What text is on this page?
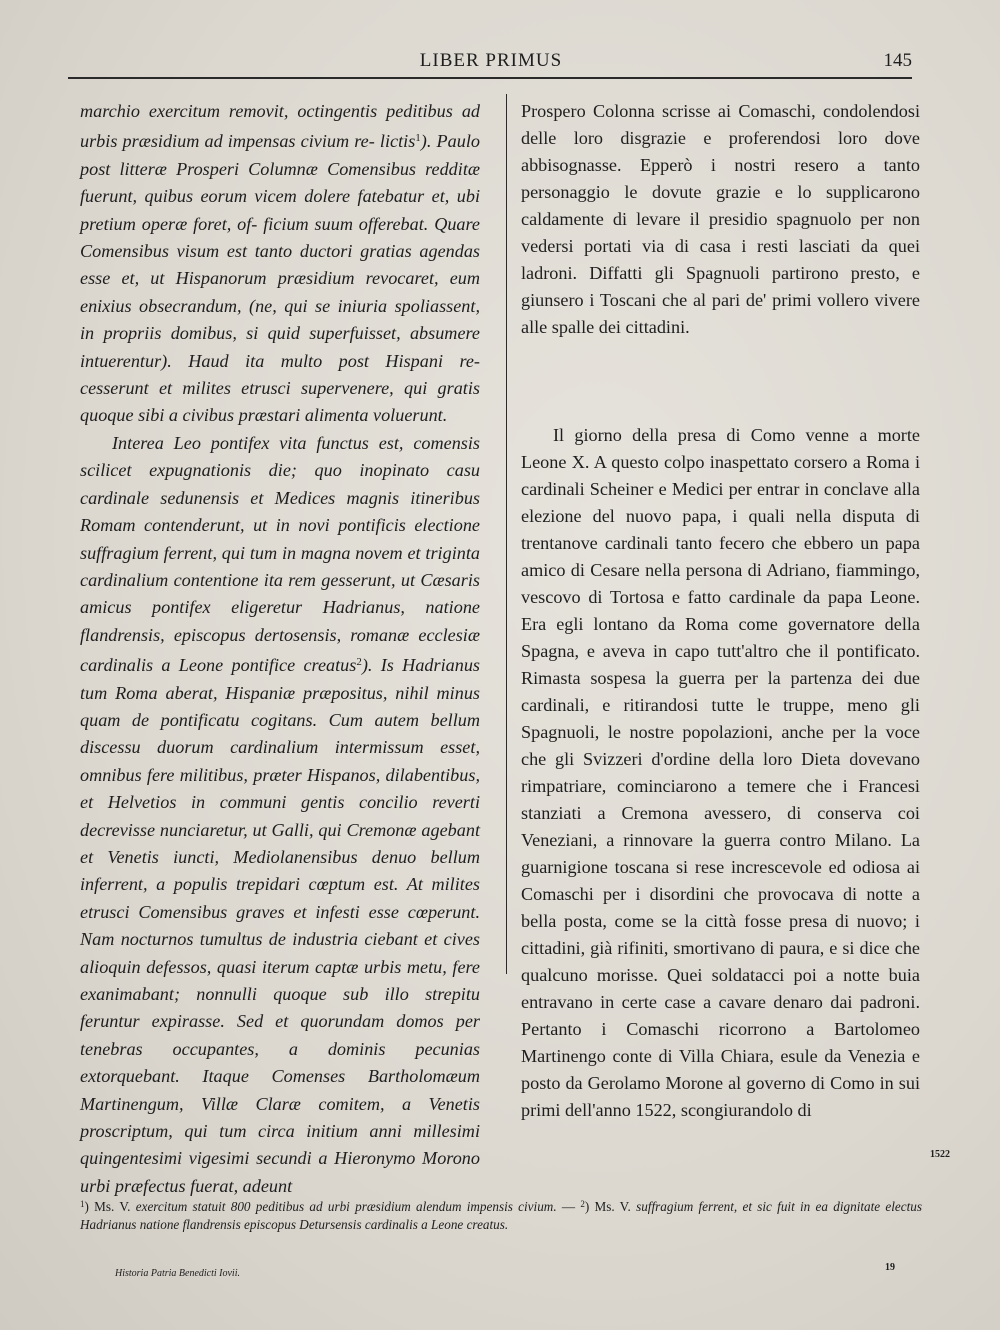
LIBER PRIMUS	145

marchio exercitum removit, octingentis peditibus ad urbis præsidium ad impensas civium re- lictis$^1$). Paulo post litteræ Prosperi Columnæ Comensibus redditæ fuerunt, quibus eorum vicem dolere fatebatur et, ubi pretium operæ foret, of- ficium suum offerebat. Quare Comensibus visum est tanto ductori gratias agendas esse et, ut Hispanorum præsidium revocaret, eum enixius obsecrandum, (ne, qui se iniuria spoliassent, in propriis domibus, si quid superfuisset, absumere intuerentur). Haud ita multo post Hispani re- cesserunt et milites etrusci supervenere, qui gratis quoque sibi a civibus præstari alimenta voluerunt.

Interea Leo pontifex vita functus est, comensis scilicet expugnationis die; quo inopinato casu cardinale sedunensis et Medices magnis itineribus Romam contenderunt, ut in novi pontificis electione suffragium ferrent, qui tum in magna novem et triginta cardinalium contentione ita rem gesserunt, ut Cæsaris amicus pontifex eligeretur Hadrianus, natione flandrensis, episcopus dertosensis, romanæ ecclesiæ cardinalis a Leone pontifice creatus$^2$). Is Hadrianus tum Roma aberat, Hispaniæ præpositus, nihil minus quam de pontificatu cogitans. Cum autem bellum discessu duorum cardinalium intermissum esset, omnibus fere militibus, præter Hispanos, dilabentibus, et Helvetios in communi gentis concilio reverti decrevisse nunciaretur, ut Galli, qui Cremonæ agebant et Venetis iuncti, Mediolanensibus denuo bellum inferrent, a populis trepidari cœptum est. At milites etrusci Comensibus graves et infesti esse cœperunt. Nam nocturnos tumultus de industria ciebant et cives alioquin defessos, quasi iterum captæ urbis metu, fere exanimabant; nonnulli quoque sub illo strepitu feruntur expirasse. Sed et quorundam domos per tenebras occupantes, a dominis pecunias extorquebant. Itaque Comenses Bartholomæum Martinengum, Villæ Claræ comitem, a Venetis proscriptum, qui tum circa initium anni millesimi quingentesimi vigesimi secundi a Hieronymo Morono urbi præfectus fuerat, adeunt

Prospero Colonna scrisse ai Comaschi, condolendosi delle loro disgrazie e proferendosi loro dove abbisognasse. Epperò i nostri resero a tanto personaggio le dovute grazie e lo supplicarono caldamente di levare il presidio spagnuolo per non vedersi portati via di casa i resti lasciati da quei ladroni. Diffatti gli Spagnuoli partirono presto, e giunsero i Toscani che al pari de' primi vollero vivere alle spalle dei cittadini.

Il giorno della presa di Como venne a morte Leone X. A questo colpo inaspettato corsero a Roma i cardinali Scheiner e Medici per entrar in conclave alla elezione del nuovo papa, i quali nella disputa di trentanove cardinali tanto fecero che ebbero un papa amico di Cesare nella persona di Adriano, fiammingo, vescovo di Tortosa e fatto cardinale da papa Leone. Era egli lontano da Roma come governatore della Spagna, e aveva in capo tutt'altro che il pontificato. Rimasta sospesa la guerra per la partenza dei due cardinali, e ritirandosi tutte le truppe, meno gli Spagnuoli, le nostre popolazioni, anche per la voce che gli Svizzeri d'ordine della loro Dieta dovevano rimpatriare, cominciarono a temere che i Francesi stanziati a Cremona avessero, di conserva coi Veneziani, a rinnovare la guerra contro Milano. La guarnigione toscana si rese increscevole ed odiosa ai Comaschi per i disordini che provocava di notte a bella posta, come se la città fosse presa di nuovo; i cittadini, già rifiniti, smortivano di paura, e si dice che qualcuno morisse. Quei soldatacci poi a notte buia entravano in certe case a cavare denaro dai padroni. Pertanto i Comaschi ricorrono a Bartolomeo Martinengo conte di Villa Chiara, esule da Venezia e posto da Gerolamo Morone al governo di Como in sui primi dell'anno 1522, scongiurandolo di

1522
$^1$) Ms. V. exercitum statuit 800 peditibus ad urbi præsidium alendum impensis civium. — $^2$) Ms. V. suffragium ferrent, et sic fuit in ea dignitate electus Hadrianus natione flandrensis episcopus Detursensis cardinalis a Leone creatus.
Historia Patria Benedicti Iovii.
19
